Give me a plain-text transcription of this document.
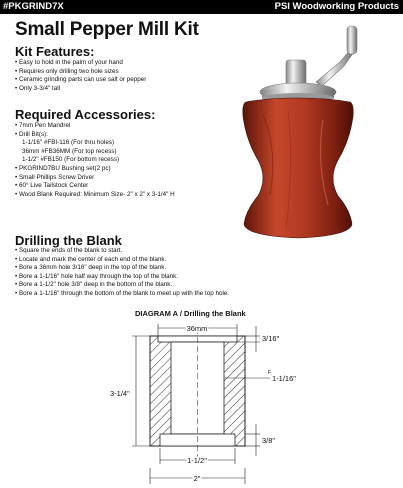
#PKGRIND7X	PSI Woodworking Products
Small Pepper Mill Kit
Kit Features:
• Easy to hold in the palm of your hand
• Requires only drilling two hole sizes
• Ceramic grinding parts can use salt or pepper
• Only 3-3/4" tall
Required Accessories:
• 7mm Pen Mandrel
• Drill Bit(s):
1-1/16" #FBI-116 (For thru holes)
36mm #FB36MM (For top recess)
1-1/2" #FB150 (For bottom recess)
• PKGRIND7BU Bushing set(2 pc)
• Small Phillips Screw Driver
• 60° Live Tailstock Center
• Wood Blank Required: Minimum Size- 2" x 2" x 3-1/4" H
Drilling the Blank
• Square the ends of the blank to start.
• Locate and mark the center of each end of the blank.
• Bore a 36mm hole 3/16" deep in the top of the blank.
• Bore a 1-1/16" hole half way through the top of the blank.
• Bore a 1-1/2" hole 3/8" deep in the bottom of the blank.
• Bore a 1-1/16" through the bottom of the blank to meet up with the top hole.
DIAGRAM A / Drilling the Blank
36mm
3/16"
F
1-1/16"
3-1/4"
3/8"
1-1/2"
2"
